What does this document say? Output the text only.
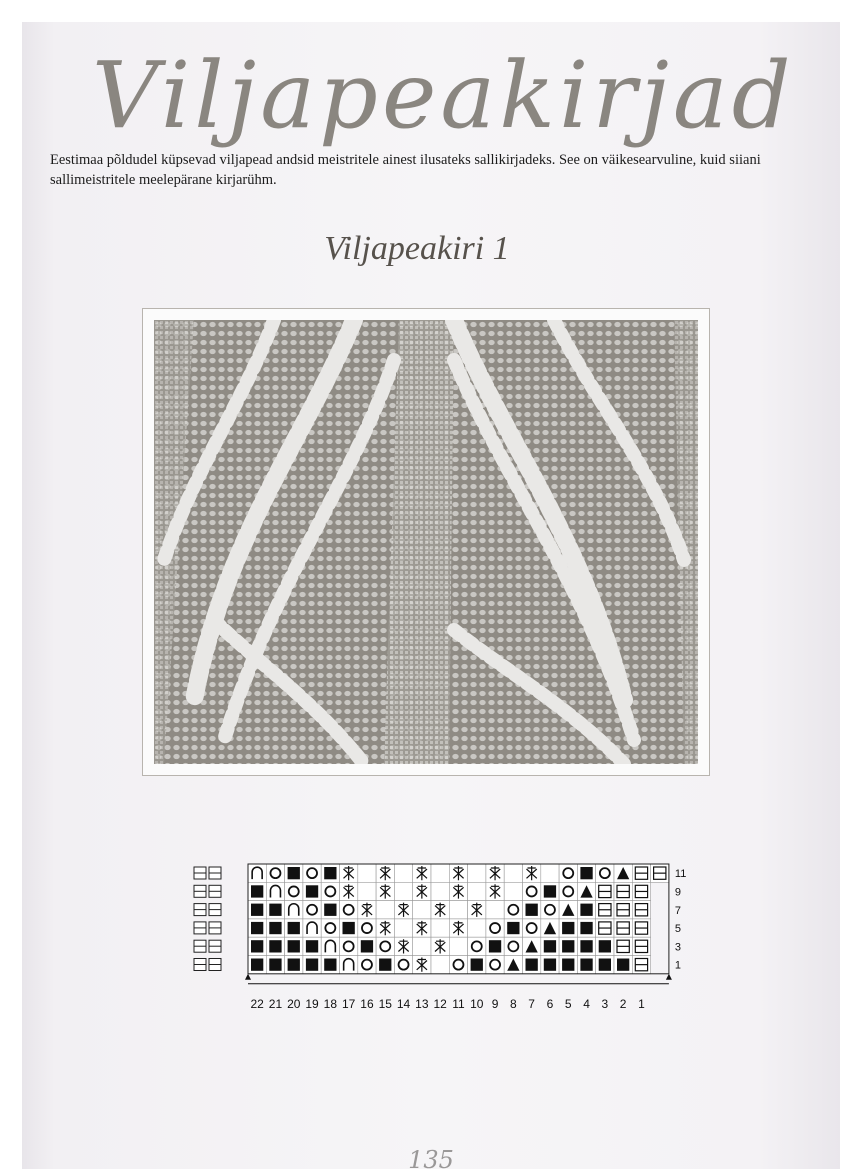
Viljapeakirjad
Eestimaa põldudel küpsevad viljapead andsid meistritele ainest ilusateks sallikirjadeks. See on väikesearvuline, kuid siiani sallimeistritele meelepärane kirjarühm.
Viljapeakiri 1
11
9
7
5
3
1
22 21 20 19 18 17 16 15 14 13 12 11 10 9 8 7 6 5 4 3 2 1
135
